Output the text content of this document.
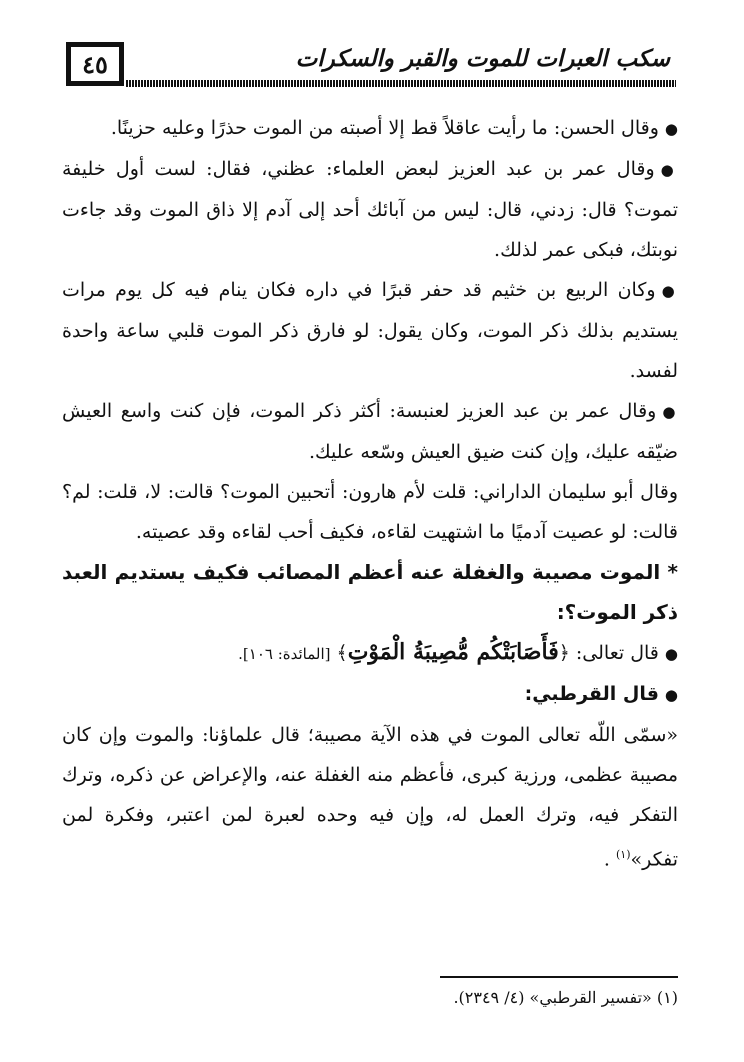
٤٥	سكب العبرات للموت والقبر والسكرات

●وقال الحسن: ما رأيت عاقلاً قط إلا أصبته من الموت حذرًا وعليه حزينًا.

●وقال عمر بن عبد العزيز لبعض العلماء: عظني، فقال: لست أول خليفة تموت؟ قال: زدني، قال: ليس من آبائك أحد إلى آدم إلا ذاق الموت وقد جاءت نوبتك، فبكى عمر لذلك.

●وكان الربيع بن خثيم قد حفر قبرًا في داره فكان ينام فيه كل يوم مرات يستديم بذلك ذكر الموت، وكان يقول: لو فارق ذكر الموت قلبي ساعة واحدة لفسد.

●وقال عمر بن عبد العزيز لعنبسة: أكثر ذكر الموت، فإن كنت واسع العيش ضيّقه عليك، وإن كنت ضيق العيش وسّعه عليك.

وقال أبو سليمان الداراني: قلت لأم هارون: أتحبين الموت؟ قالت: لا، قلت: لم؟ قالت: لو عصيت آدميًا ما اشتهيت لقاءه، فكيف أحب لقاءه وقد عصيته.

* الموت مصيبة والغفلة عنه أعظم المصائب فكيف يستديم العبد ذكر الموت؟:

●قال تعالى: ﴿فَأَصَابَتْكُم مُّصِيبَةُ الْمَوْتِ﴾ [المائدة: ١٠٦].

●قال القرطبي:

«سمّى اللّه تعالى الموت في هذه الآية مصيبة؛ قال علماؤنا: والموت وإن كان مصيبة عظمى، ورزية كبرى، فأعظم منه الغفلة عنه، والإعراض عن ذكره، وترك التفكر فيه، وترك العمل له، وإن فيه وحده لعبرة لمن اعتبر، وفكرة لمن تفكر»$^{(١)}$ .

(١) «تفسير القرطبي» (٤/ ٢٣٤٩).
